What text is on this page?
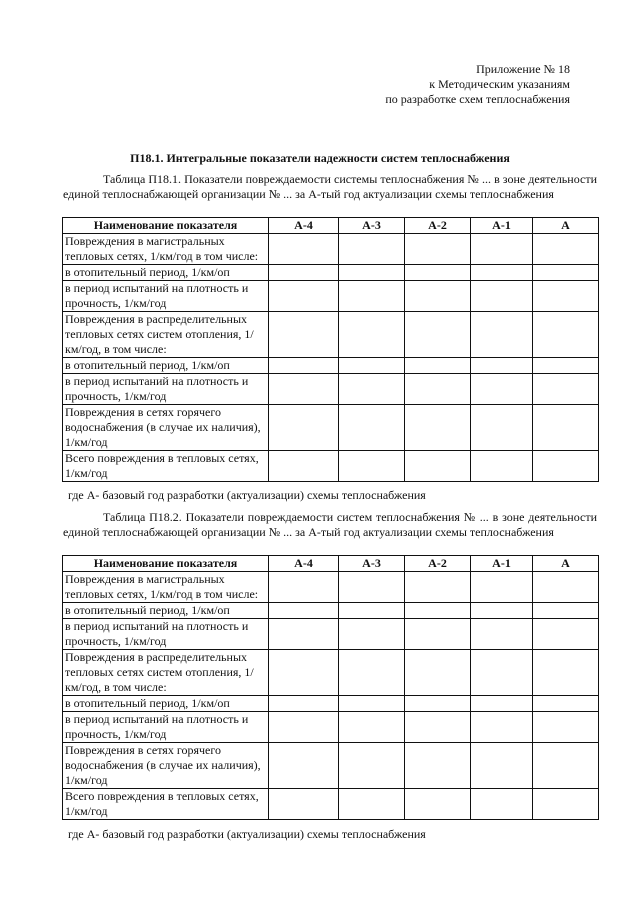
Приложение № 18
к Методическим указаниям
по разработке схем теплоснабжения
П18.1. Интегральные показатели надежности систем теплоснабжения
Таблица П18.1. Показатели повреждаемости системы теплоснабжения № ... в зоне деятельности единой теплоснабжающей организации № ... за А-тый год актуализации схемы теплоснабжения
Наименование показателя	А-4	А-3	А-2	А-1	А
Повреждения в магистральных тепловых сетях, 1/км/год в том числе:					
в отопительный период, 1/км/оп					
в период испытаний на плотность и прочность, 1/км/год					
Повреждения в распределительных тепловых сетях систем отопления, 1/км/год, в том числе:					
в отопительный период, 1/км/оп					
в период испытаний на плотность и прочность, 1/км/год					
Повреждения в сетях горячего водоснабжения (в случае их наличия), 1/км/год					
Всего повреждения в тепловых сетях, 1/км/год					
где А- базовый год разработки (актуализации) схемы теплоснабжения
Таблица П18.2. Показатели повреждаемости систем теплоснабжения № ... в зоне деятельности единой теплоснабжающей организации № ... за А-тый год актуализации схемы теплоснабжения
Наименование показателя	А-4	А-3	А-2	А-1	А
Повреждения в магистральных тепловых сетях, 1/км/год в том числе:					
в отопительный период, 1/км/оп					
в период испытаний на плотность и прочность, 1/км/год					
Повреждения в распределительных тепловых сетях систем отопления, 1/км/год, в том числе:					
в отопительный период, 1/км/оп					
в период испытаний на плотность и прочность, 1/км/год					
Повреждения в сетях горячего водоснабжения (в случае их наличия), 1/км/год					
Всего повреждения в тепловых сетях, 1/км/год					
где А- базовый год разработки (актуализации) схемы теплоснабжения
